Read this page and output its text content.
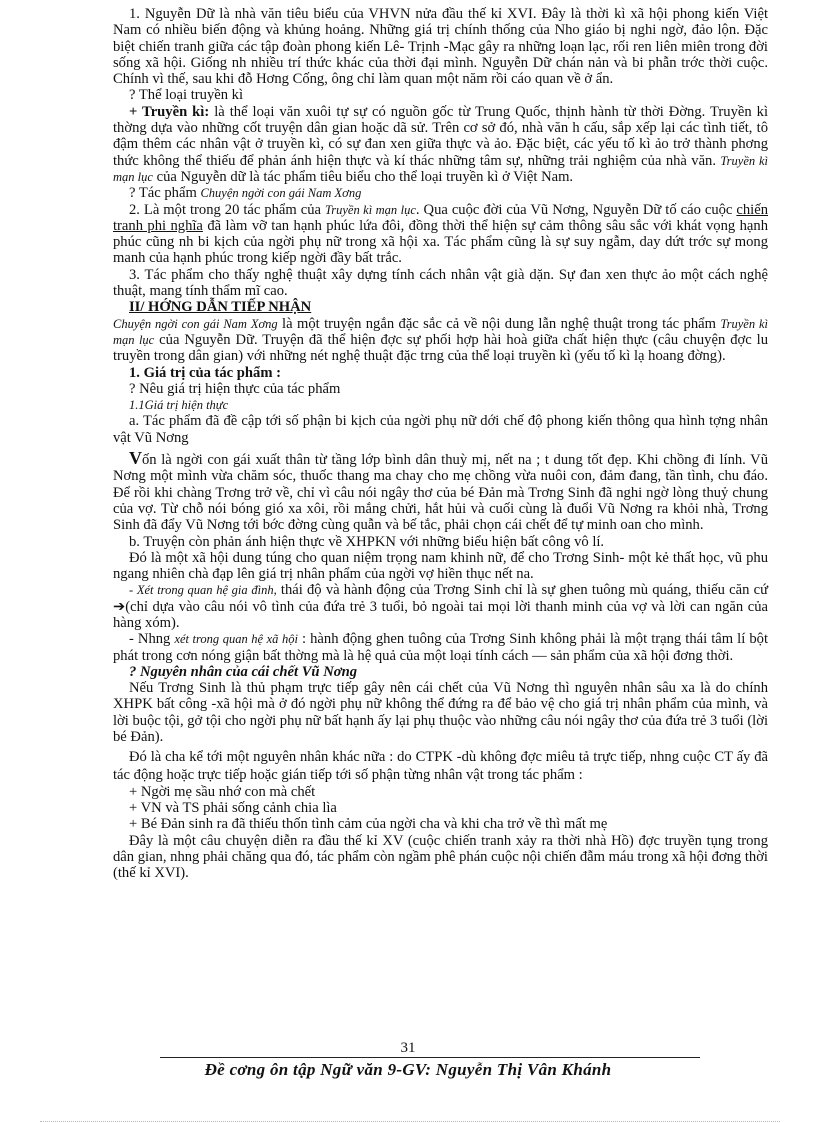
1. Nguyễn Dữ là nhà văn tiêu biểu của VHVN nửa đầu thế kỉ XVI. Đây là thời kì xã hội phong kiến Việt Nam có nhiều biến động và khủng hoảng. Những giá trị chính thống của Nho giáo bị nghi ngờ, đảo lộn. Đặc biệt chiến tranh giữa các tập đoàn phong kiến Lê- Trịnh -Mạc gây ra những loạn lạc, rối ren liên miên trong đời sống xã hội. Giống nh nhiều trí thức khác của thời đại mình. Nguyễn Dữ chán nản và bi phẫn trớc thời cuộc. Chính vì thế, sau khi đỗ Hơng Cống, ông chỉ làm quan một năm rồi cáo quan về ở ẩn.

? Thể loại truyền kì

+ Truyền kì: là thể loại văn xuôi tự sự có nguồn gốc từ Trung Quốc, thịnh hành từ thời Đờng. Truyền kì thờng dựa vào những cốt truyện dân gian hoặc dã sử. Trên cơ sở đó, nhà văn h cấu, sắp xếp lại các tình tiết, tô đậm thêm các nhân vật ở truyền kì, có sự đan xen giữa thực và ảo. Đặc biệt, các yếu tố kì ảo trở thành phơng thức không thể thiếu để phản ánh hiện thực và kí thác những tâm sự, những trải nghiệm của nhà văn. Truyền kì mạn lục của Nguyễn dữ là tác phẩm tiêu biểu cho thể loại truyền kì ở Việt Nam.

? Tác phẩm Chuyện ngời con gái Nam Xơng

2. Là một trong 20 tác phẩm của Truyền kì mạn lục. Qua cuộc đời của Vũ Nơng, Nguyễn Dữ tố cáo cuộc chiến tranh phi nghĩa đã làm vỡ tan hạnh phúc lứa đôi, đồng thời thể hiện sự cảm thông sâu sắc với khát vọng hạnh phúc cũng nh bi kịch của ngời phụ nữ trong xã hội xa. Tác phẩm cũng là sự suy ngẫm, day dứt trớc sự mong manh của hạnh phúc trong kiếp ngời đầy bất trắc.

3. Tác phẩm cho thấy nghệ thuật xây dựng tính cách nhân vật già dặn. Sự đan xen thực ảo một cách nghệ thuật, mang tính thẩm mĩ cao.

II/ HỚNG DẪN TIẾP NHẬN

Chuyện ngời con gái Nam Xơng là một truyện ngắn đặc sắc cả về nội dung lẫn nghệ thuật trong tác phẩm Truyền kì mạn lục của Nguyễn Dữ. Truyện đã thể hiện đợc sự phối hợp hài hoà giữa chất hiện thực (câu chuyện đợc lu truyền trong dân gian) với những nét nghệ thuật đặc trng của thể loại truyền kì (yếu tố kì lạ hoang đờng).

1. Giá trị của tác phẩm :

? Nêu giá trị hiện thực của tác phẩm

1.1Giá trị hiện thực

a. Tác phẩm đã đề cập tới số phận bi kịch của ngời phụ nữ dới chế độ phong kiến thông qua hình tợng nhân vật Vũ Nơng

Vốn là ngời con gái xuất thân từ tầng lớp bình dân thuỳ mị, nết na ; t dung tốt đẹp. Khi chồng đi lính. Vũ Nơng một mình vừa chăm sóc, thuốc thang ma chay cho mẹ chồng vừa nuôi con, đảm đang, tần tình, chu đáo. Để rồi khi chàng Trơng trở về, chỉ vì câu nói ngây thơ của bé Đản mà Trơng Sinh đã nghi ngờ lòng thuỷ chung của vợ. Từ chỗ nói bóng gió xa xôi, rồi mắng chửi, hắt hủi và cuối cùng là đuổi Vũ Nơng ra khỏi nhà, Trơng Sinh đã đẩy Vũ Nơng tới bớc đờng cùng quẫn và bế tắc, phải chọn cái chết để tự minh oan cho mình.

b. Truyện còn phản ánh hiện thực về XHPKN với những biểu hiện bất công vô lí.

Đó là một xã hội dung túng cho quan niệm trọng nam khinh nữ, để cho Trơng Sinh- một kẻ thất học, vũ phu ngang nhiên chà đạp lên giá trị nhân phẩm của ngời vợ hiền thục nết na.

- Xét trong quan hệ gia đình, thái độ và hành động của Trơng Sinh chỉ là sự ghen tuông mù quáng, thiếu căn cứ ➔(chỉ dựa vào câu nói vô tình của đứa trẻ 3 tuổi, bỏ ngoài tai mọi lời thanh minh của vợ và lời can ngăn của hàng xóm).

- Nhng xét trong quan hệ xã hội : hành động ghen tuông của Trơng Sinh không phải là một trạng thái tâm lí bột phát trong cơn nóng giận bất thờng mà là hệ quả của một loại tính cách — sản phẩm của xã hội đơng thời.

? Nguyên nhân của cái chết Vũ Nơng

Nếu Trơng Sinh là thủ phạm trực tiếp gây nên cái chết của Vũ Nơng thì nguyên nhân sâu xa là do chính XHPK bất công -xã hội mà ở đó ngời phụ nữ không thể đứng ra để bảo vệ cho giá trị nhân phẩm của mình, và lời buộc tội, gở tội cho ngời phụ nữ bất hạnh ấy lại phụ thuộc vào những câu nói ngây thơ của đứa trẻ 3 tuổi (lời bé Đản).

Đó là cha kể tới một nguyên nhân khác nữa : do CTPK -dù không đợc miêu tả trực tiếp, nhng cuộc CT ấy đã tác động hoặc trực tiếp hoặc gián tiếp tới số phận từng nhân vật trong tác phẩm :

+ Ngời mẹ sầu nhớ con mà chết

+ VN và TS phải sống cảnh chia lìa

+ Bé Đản sinh ra đã thiếu thốn tình cảm của ngời cha và khi cha trở về thì mất mẹ

Đây là một câu chuyện diễn ra đầu thế kỉ XV (cuộc chiến tranh xảy ra thời nhà Hồ) đợc truyền tụng trong dân gian, nhng phải chăng qua đó, tác phẩm còn ngầm phê phán cuộc nội chiến đẫm máu trong xã hội đơng thời (thế kỉ XVI).

31
Đề cơng ôn tập Ngữ văn 9-GV: Nguyễn Thị Vân Khánh
